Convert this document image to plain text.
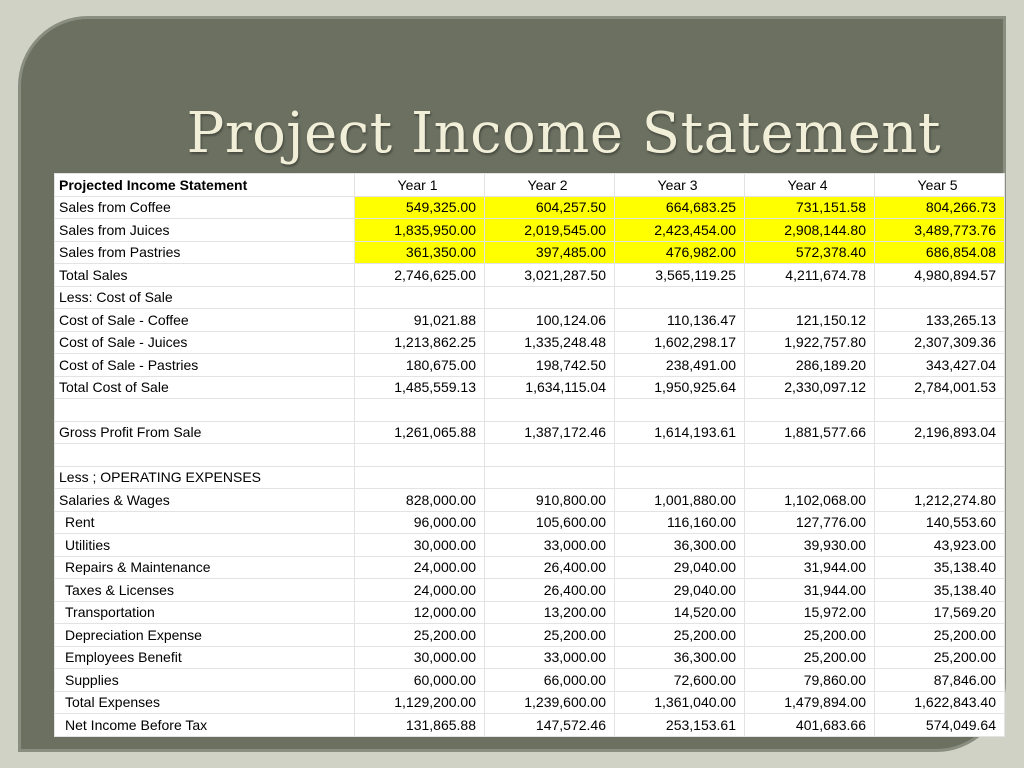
Project Income Statement
Projected Income Statement	Year 1	Year 2	Year 3	Year 4	Year 5
Sales from Coffee	549,325.00	604,257.50	664,683.25	731,151.58	804,266.73
Sales from Juices	1,835,950.00	2,019,545.00	2,423,454.00	2,908,144.80	3,489,773.76
Sales from Pastries	361,350.00	397,485.00	476,982.00	572,378.40	686,854.08
Total Sales	2,746,625.00	3,021,287.50	3,565,119.25	4,211,674.78	4,980,894.57
Less: Cost of Sale					
Cost of Sale - Coffee	91,021.88	100,124.06	110,136.47	121,150.12	133,265.13
Cost of Sale - Juices	1,213,862.25	1,335,248.48	1,602,298.17	1,922,757.80	2,307,309.36
Cost of Sale - Pastries	180,675.00	198,742.50	238,491.00	286,189.20	343,427.04
Total Cost of Sale	1,485,559.13	1,634,115.04	1,950,925.64	2,330,097.12	2,784,001.53

Gross Profit From Sale	1,261,065.88	1,387,172.46	1,614,193.61	1,881,577.66	2,196,893.04

Less ; OPERATING EXPENSES					
Salaries & Wages	828,000.00	910,800.00	1,001,880.00	1,102,068.00	1,212,274.80
Rent	96,000.00	105,600.00	116,160.00	127,776.00	140,553.60
Utilities	30,000.00	33,000.00	36,300.00	39,930.00	43,923.00
Repairs & Maintenance	24,000.00	26,400.00	29,040.00	31,944.00	35,138.40
Taxes & Licenses	24,000.00	26,400.00	29,040.00	31,944.00	35,138.40
Transportation	12,000.00	13,200.00	14,520.00	15,972.00	17,569.20
Depreciation Expense	25,200.00	25,200.00	25,200.00	25,200.00	25,200.00
Employees Benefit	30,000.00	33,000.00	36,300.00	25,200.00	25,200.00
Supplies	60,000.00	66,000.00	72,600.00	79,860.00	87,846.00
Total Expenses	1,129,200.00	1,239,600.00	1,361,040.00	1,479,894.00	1,622,843.40
Net Income Before Tax	131,865.88	147,572.46	253,153.61	401,683.66	574,049.64
